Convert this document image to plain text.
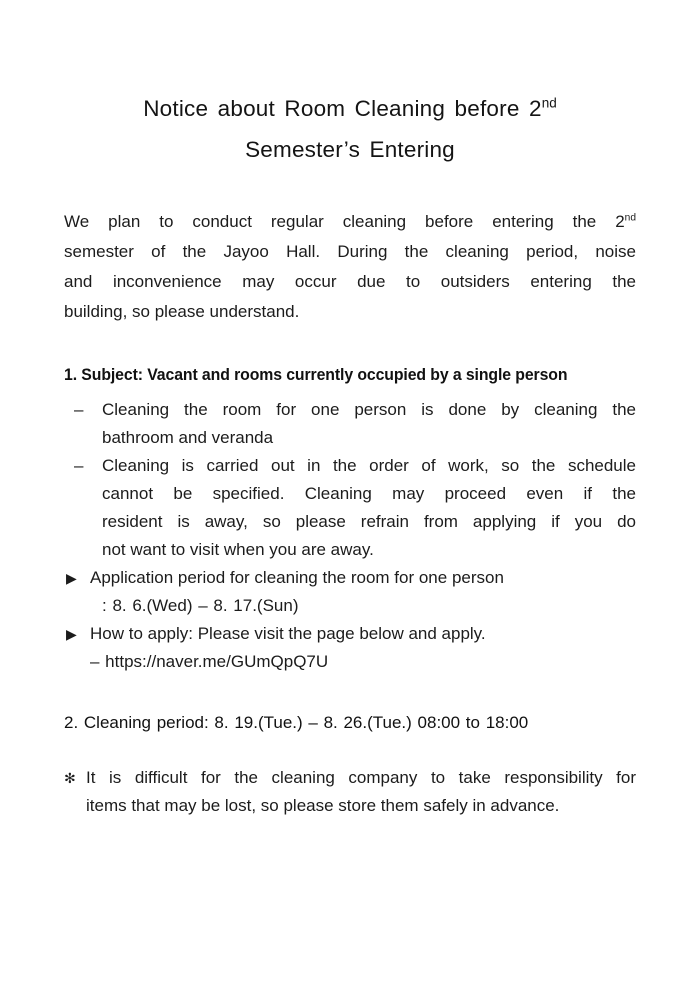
Notice about Room Cleaning before 2nd
Semester’s Entering

We plan to conduct regular cleaning before entering the 2nd
semester of the Jayoo Hall. During the cleaning period, noise
and inconvenience may occur due to outsiders entering the
building, so please understand.

1. Subject: Vacant and rooms currently occupied by a single person

–	Cleaning the room for one person is done by cleaning the
bathroom and veranda
–	Cleaning is carried out in the order of work, so the schedule
cannot be specified. Cleaning may proceed even if the
resident is away, so please refrain from applying if you do
not want to visit when you are away.
▶ Application period for cleaning the room for one person

: 8. 6.(Wed) – 8. 17.(Sun)

▶ How to apply: Please visit the page below and apply.

– https://naver.me/GUmQpQ7U

2. Cleaning period: 8. 19.(Tue.) – 8. 26.(Tue.) 08:00 to 18:00

✻ It is difficult for the cleaning company to take responsibility for
items that may be lost, so please store them safely in advance.
